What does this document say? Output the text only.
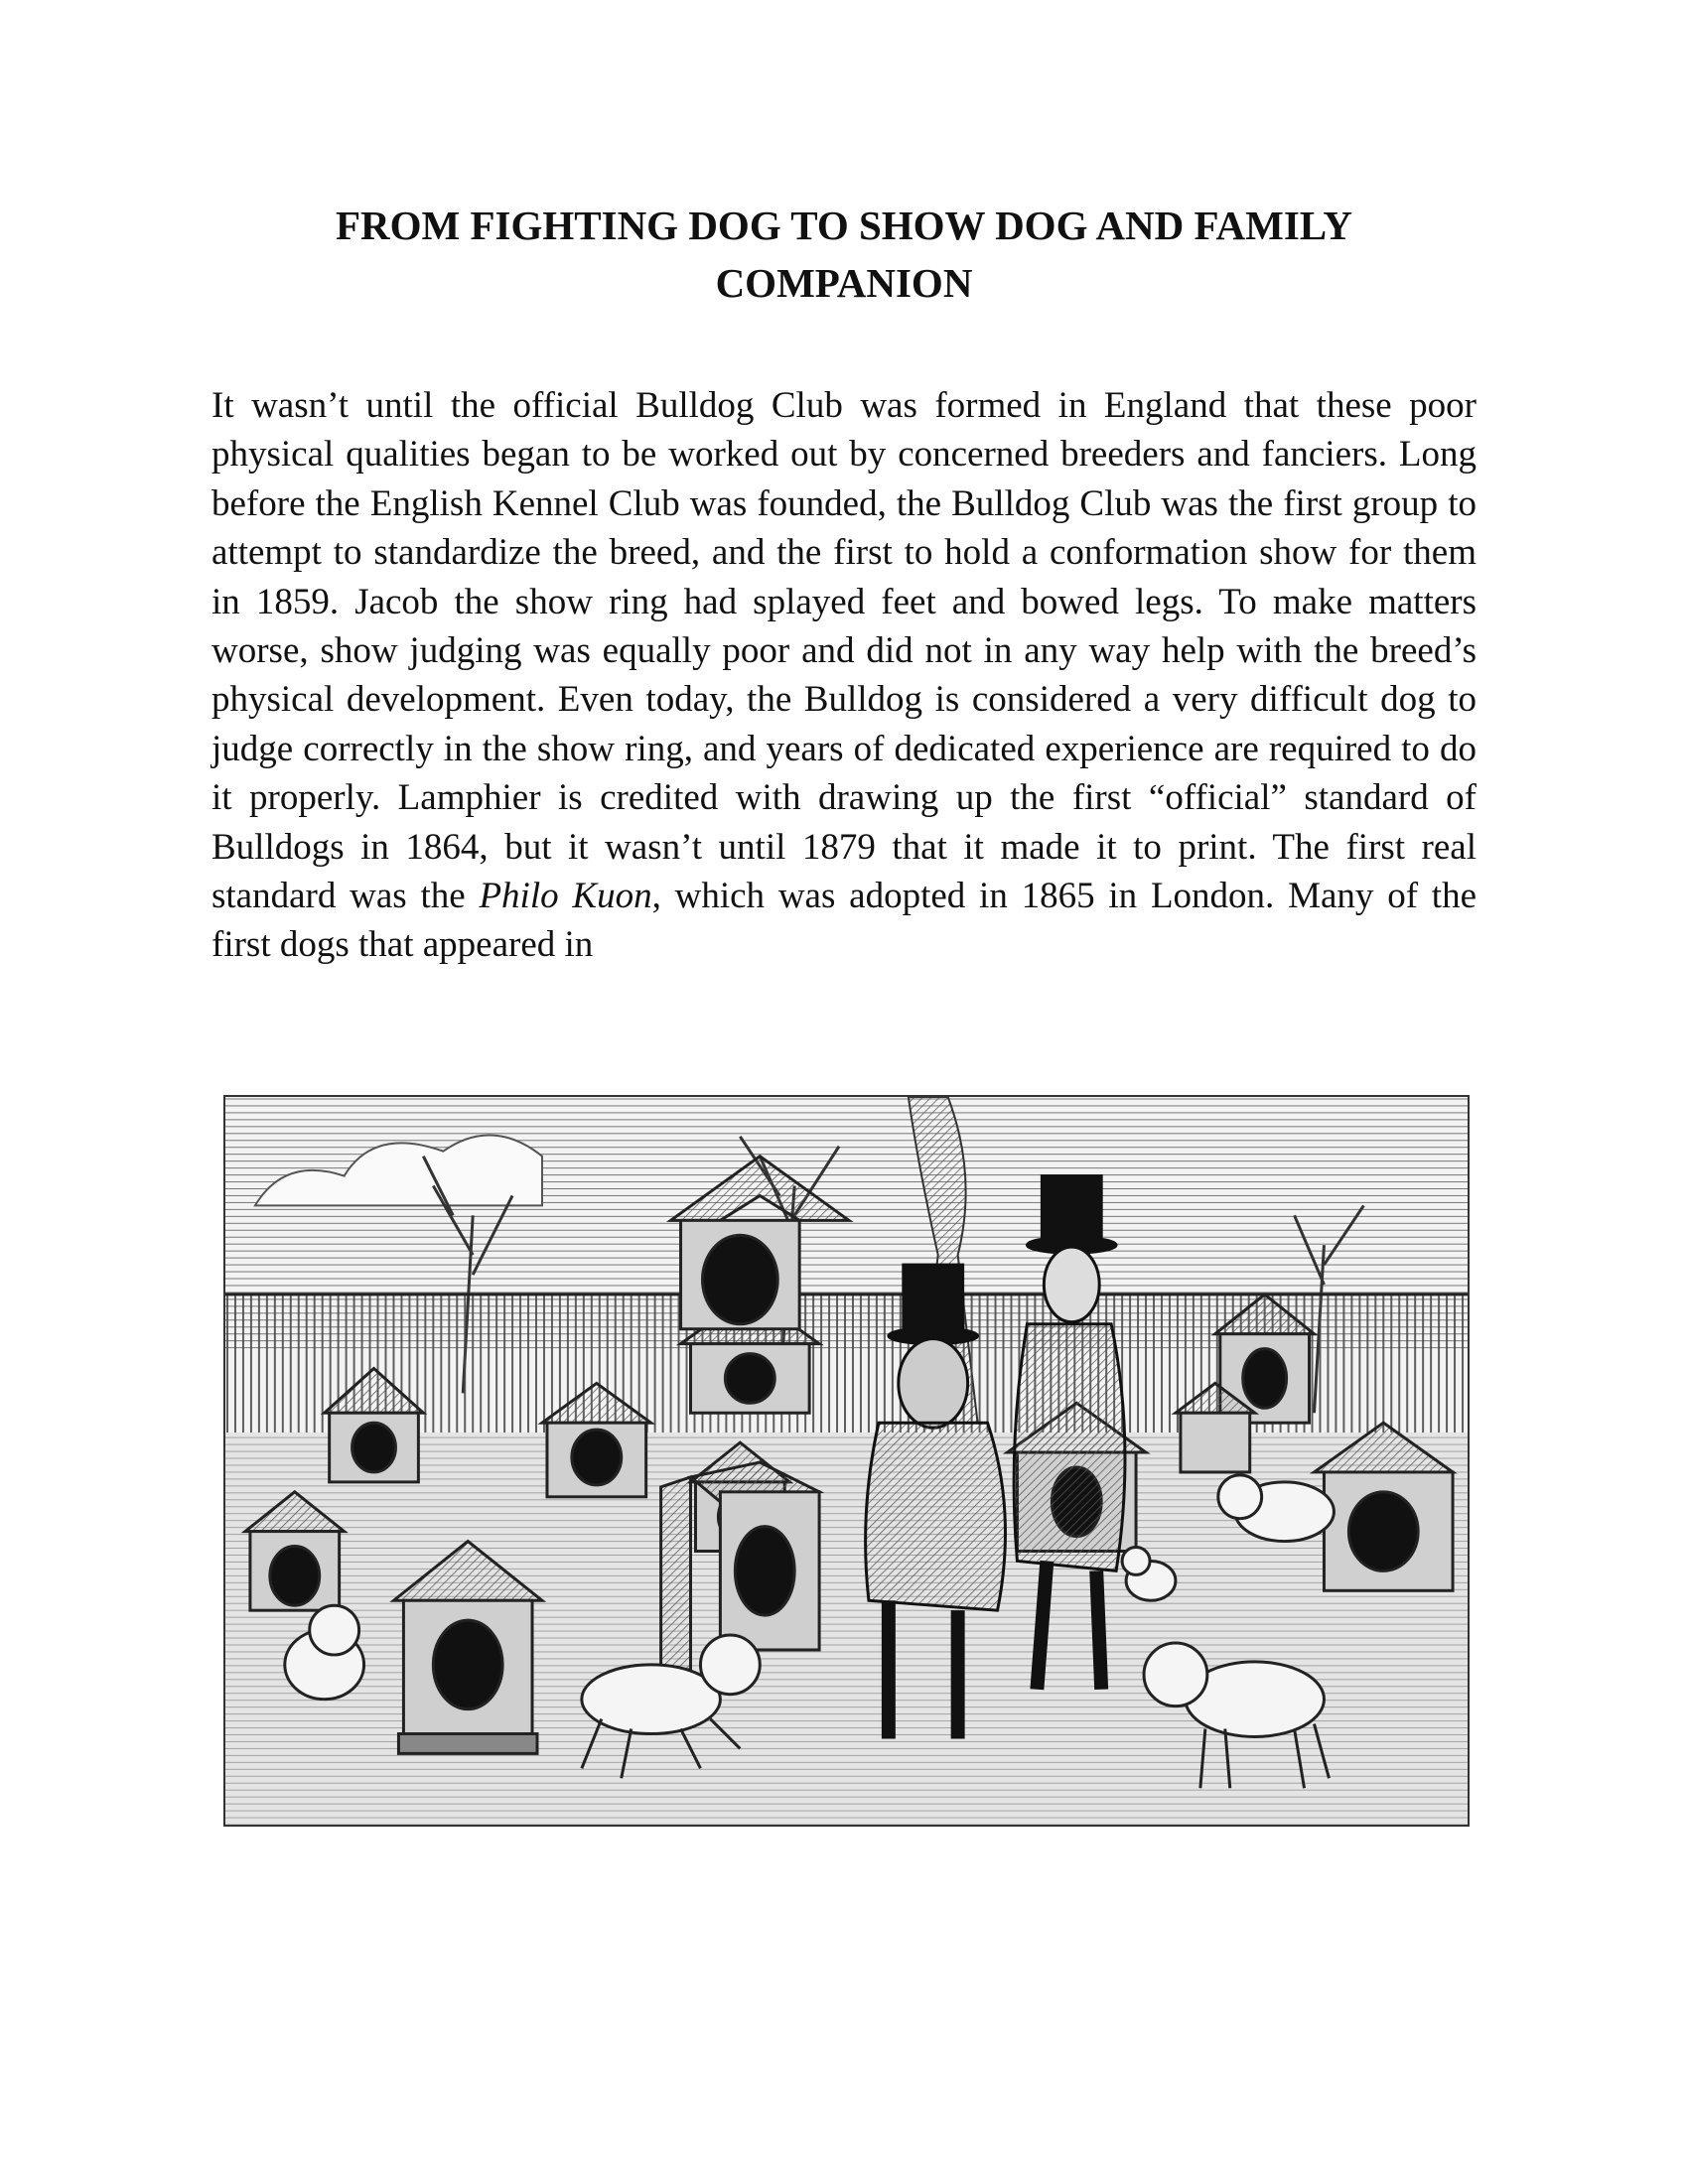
FROM FIGHTING DOG TO SHOW DOG AND FAMILY COMPANION

It wasn’t until the official Bulldog Club was formed in England that these poor physical qualities began to be worked out by concerned breeders and fanciers. Long before the English Kennel Club was founded, the Bulldog Club was the first group to attempt to standardize the breed, and the first to hold a conformation show for them in 1859. Jacob the show ring had splayed feet and bowed legs. To make matters worse, show judging was equally poor and did not in any way help with the breed’s physical development. Even today, the Bulldog is considered a very difficult dog to judge correctly in the show ring, and years of dedicated experience are required to do it properly. Lamphier is credited with drawing up the first “official” standard of Bulldogs in 1864, but it wasn’t until 1879 that it made it to print. The first real standard was the Philo Kuon, which was adopted in 1865 in London. Many of the first dogs that appeared in
